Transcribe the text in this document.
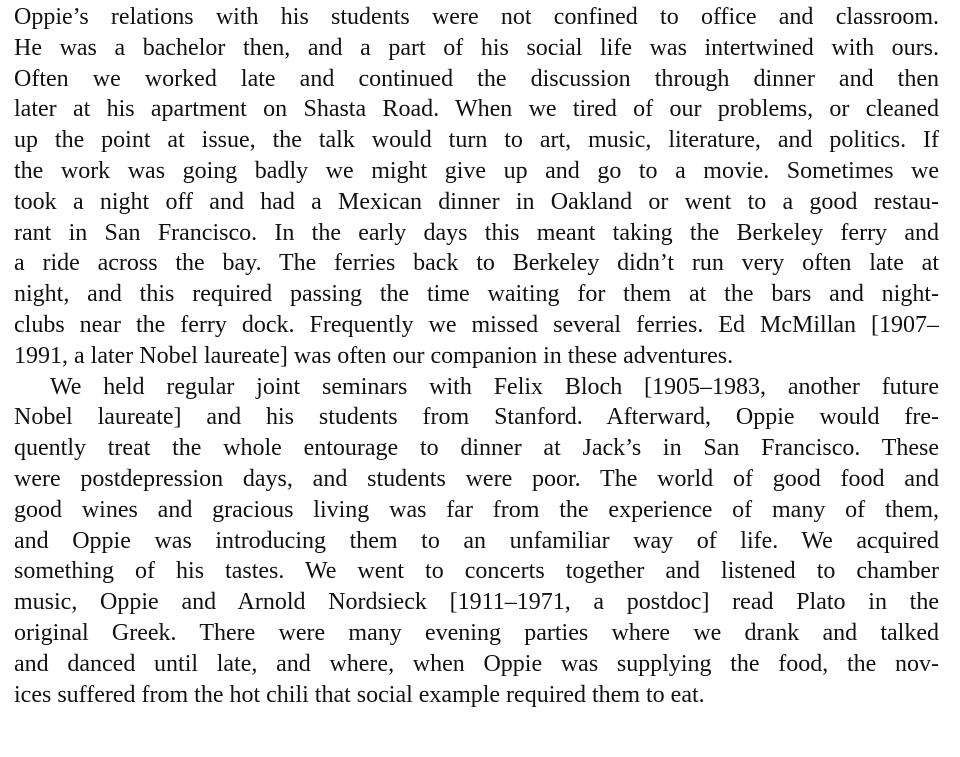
Oppie’s relations with his students were not confined to office and classroom.
He was a bachelor then, and a part of his social life was intertwined with ours.
Often we worked late and continued the discussion through dinner and then
later at his apartment on Shasta Road. When we tired of our problems, or cleaned
up the point at issue, the talk would turn to art, music, literature, and politics. If
the work was going badly we might give up and go to a movie. Sometimes we
took a night off and had a Mexican dinner in Oakland or went to a good restau-
rant in San Francisco. In the early days this meant taking the Berkeley ferry and
a ride across the bay. The ferries back to Berkeley didn’t run very often late at
night, and this required passing the time waiting for them at the bars and night-
clubs near the ferry dock. Frequently we missed several ferries. Ed McMillan [1907–
1991, a later Nobel laureate] was often our companion in these adventures.
We held regular joint seminars with Felix Bloch [1905–1983, another future
Nobel laureate] and his students from Stanford. Afterward, Oppie would fre-
quently treat the whole entourage to dinner at Jack’s in San Francisco. These
were postdepression days, and students were poor. The world of good food and
good wines and gracious living was far from the experience of many of them,
and Oppie was introducing them to an unfamiliar way of life. We acquired
something of his tastes. We went to concerts together and listened to chamber
music, Oppie and Arnold Nordsieck [1911–1971, a postdoc] read Plato in the
original Greek. There were many evening parties where we drank and talked
and danced until late, and where, when Oppie was supplying the food, the nov-
ices suffered from the hot chili that social example required them to eat.
